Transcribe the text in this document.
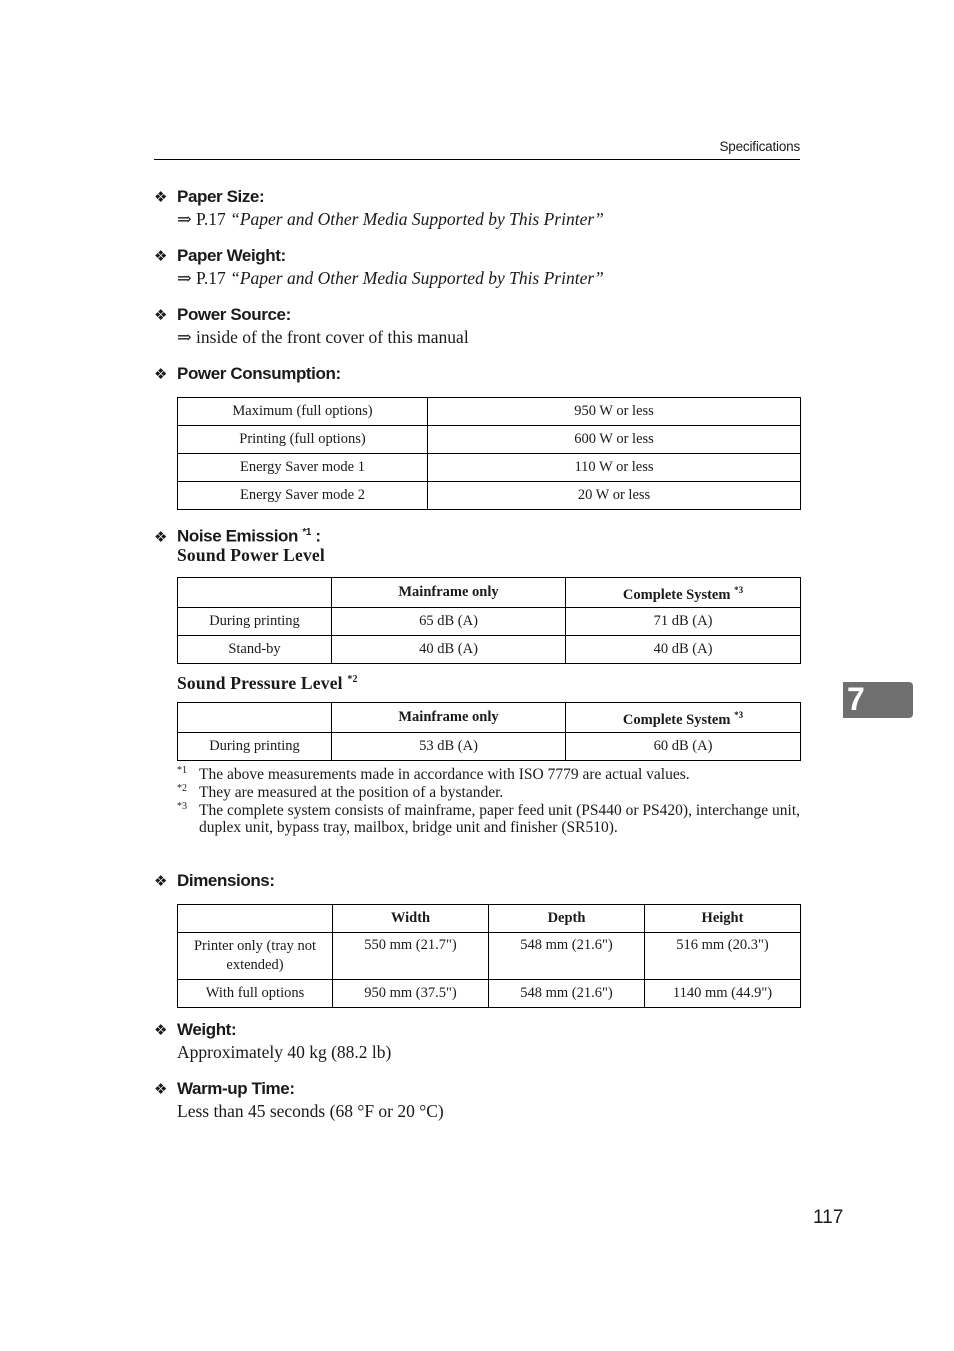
Specifications
❖ Paper Size:
⇒ P.17 “Paper and Other Media Supported by This Printer”
❖ Paper Weight:
⇒ P.17 “Paper and Other Media Supported by This Printer”
❖ Power Source:
⇒ inside of the front cover of this manual
❖ Power Consumption:
Maximum (full options)	950 W or less
Printing (full options)	600 W or less
Energy Saver mode 1	110 W or less
Energy Saver mode 2	20 W or less
❖ Noise Emission $^{*1}$ :
Sound Power Level
	Mainframe only	Complete System $^{*3}$
During printing	65 dB (A)	71 dB (A)
Stand-by	40 dB (A)	40 dB (A)
Sound Pressure Level $^{*2}$
	Mainframe only	Complete System $^{*3}$
During printing	53 dB (A)	60 dB (A)
*1 The above measurements made in accordance with ISO 7779 are actual values.
*2 They are measured at the position of a bystander.
*3 The complete system consists of mainframe, paper feed unit (PS440 or PS420), interchange unit, duplex unit, bypass tray, mailbox, bridge unit and finisher (SR510).
❖ Dimensions:
	Width	Depth	Height
Printer only (tray not extended)	550 mm (21.7")	548 mm (21.6")	516 mm (20.3")
With full options	950 mm (37.5")	548 mm (21.6")	1140 mm (44.9")
❖ Weight:
Approximately 40 kg (88.2 lb)
❖ Warm-up Time:
Less than 45 seconds (68 °F or 20 °C)
7
117
